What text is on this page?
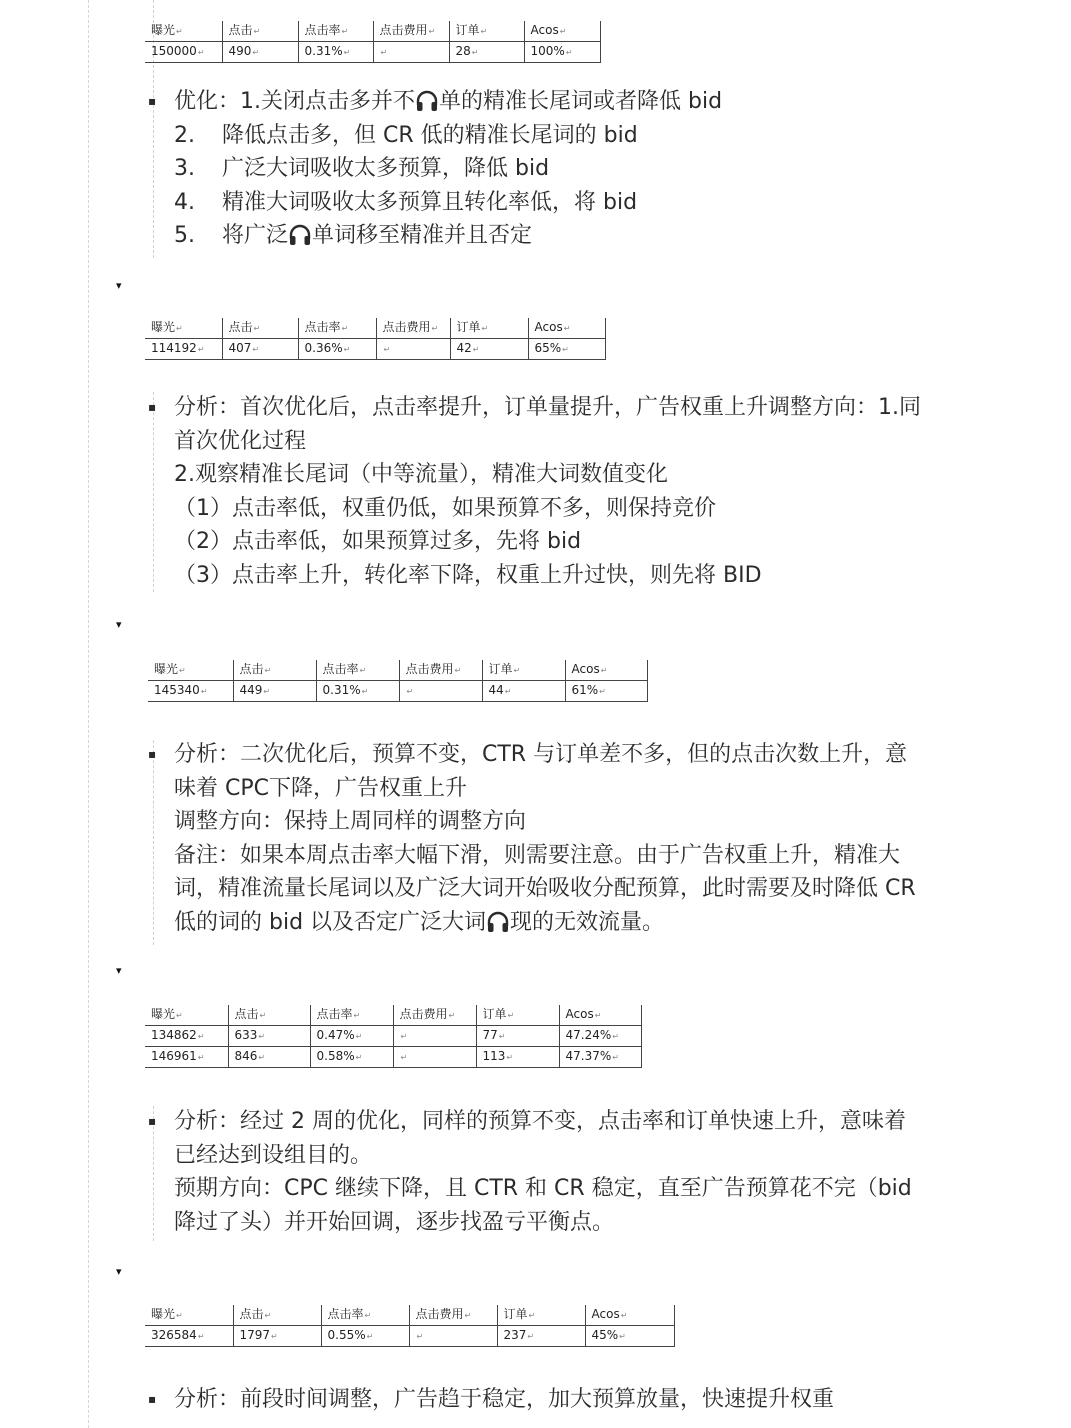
▾
▾
▾
▾
曝光↵	点击↵	点击率↵	点击费用↵	订单↵	Acos↵
150000↵	490↵	0.31%↵	↵	28↵	100%↵
▪ 优化：1.关闭点击多并不 单的精准长尾词或者降低 bid
2. 降低点击多，但 CR 低的精准长尾词的 bid
3. 广泛大词吸收太多预算，降低 bid
4. 精准大词吸收太多预算且转化率低，将 bid
5. 将广泛 单词移至精准并且否定
曝光↵	点击↵	点击率↵	点击费用↵	订单↵	Acos↵
114192↵	407↵	0.36%↵	↵	42↵	65%↵
▪ 分析：首次优化后，点击率提升，订单量提升，广告权重上升调整方向：1.同
首次优化过程
2.观察精准长尾词（中等流量），精准大词数值变化
（1）点击率低，权重仍低，如果预算不多，则保持竞价
（2）点击率低，如果预算过多，先将 bid
（3）点击率上升，转化率下降，权重上升过快，则先将 BID
曝光↵	点击↵	点击率↵	点击费用↵	订单↵	Acos↵
145340↵	449↵	0.31%↵	↵	44↵	61%↵
▪ 分析：二次优化后，预算不变，CTR 与订单差不多，但的点击次数上升，意
味着 CPC下降，广告权重上升
调整方向：保持上周同样的调整方向
备注：如果本周点击率大幅下滑，则需要注意。由于广告权重上升，精准大
词，精准流量长尾词以及广泛大词开始吸收分配预算，此时需要及时降低 CR
低的词的 bid 以及否定广泛大词 现的无效流量。
曝光↵	点击↵	点击率↵	点击费用↵	订单↵	Acos↵
134862↵	633↵	0.47%↵	↵	77↵	47.24%↵
146961↵	846↵	0.58%↵	↵	113↵	47.37%↵
▪ 分析：经过 2 周的优化，同样的预算不变，点击率和订单快速上升，意味着
已经达到设组目的。
预期方向：CPC 继续下降，且 CTR 和 CR 稳定，直至广告预算花不完（bid
降过了头）并开始回调，逐步找盈亏平衡点。
曝光↵	点击↵	点击率↵	点击费用↵	订单↵	Acos↵
326584↵	1797↵	0.55%↵	↵	237↵	45%↵
▪ 分析：前段时间调整，广告趋于稳定，加大预算放量，快速提升权重
